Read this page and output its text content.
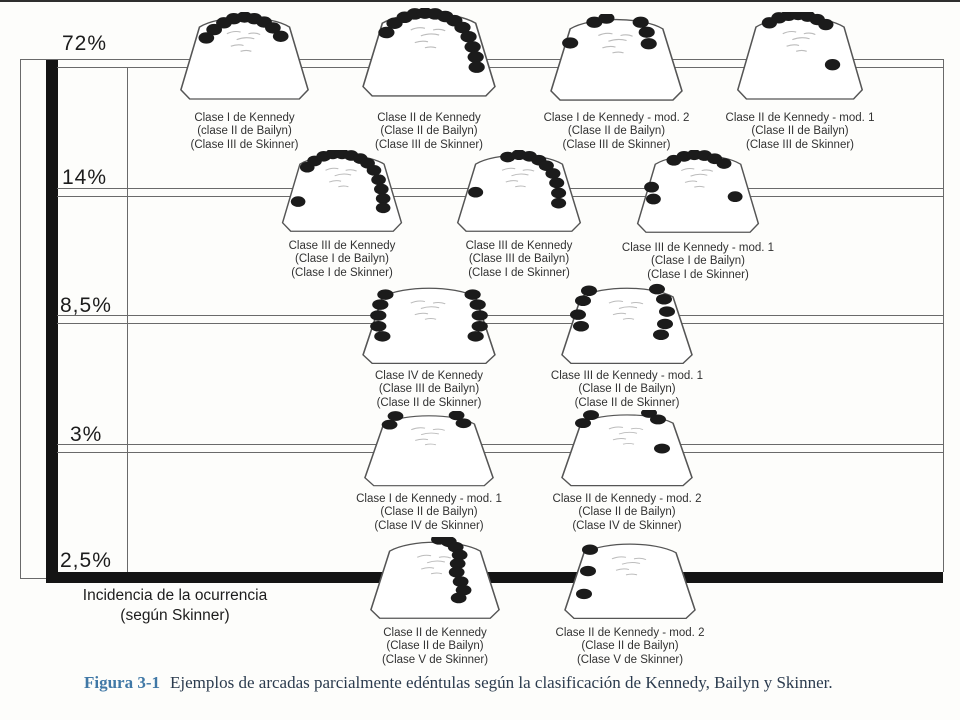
72%
Clase I de Kennedy
(clase II de Bailyn)
(Clase III de Skinner)
Clase II de Kennedy
(Clase II de Bailyn)
(Clase III de Skinner)
Clase I de Kennedy - mod. 2
(Clase II de Bailyn)
(Clase III de Skinner)
Clase II de Kennedy - mod. 1
(Clase II de Bailyn)
(Clase III de Skinner)
14%
Clase III de Kennedy
(Clase I de Bailyn)
(Clase I de Skinner)
Clase III de Kennedy
(Clase III de Bailyn)
(Clase I de Skinner)
Clase III de Kennedy - mod. 1
(Clase I de Bailyn)
(Clase I de Skinner)
8,5%
Clase IV de Kennedy
(Clase III de Bailyn)
(Clase II de Skinner)
Clase III de Kennedy - mod. 1
(Clase II de Bailyn)
(Clase II de Skinner)
3%
Clase I de Kennedy - mod. 1
(Clase II de Bailyn)
(Clase IV de Skinner)
Clase II de Kennedy - mod. 2
(Clase II de Bailyn)
(Clase IV de Skinner)
2,5%
Clase II de Kennedy
(Clase II de Bailyn)
(Clase V de Skinner)
Clase II de Kennedy - mod. 2
(Clase II de Bailyn)
(Clase V de Skinner)
Incidencia de la ocurrencia
(según Skinner)
Figura 3-1 Ejemplos de arcadas parcialmente edéntulas según la clasificación de Kennedy, Bailyn y Skinner.
